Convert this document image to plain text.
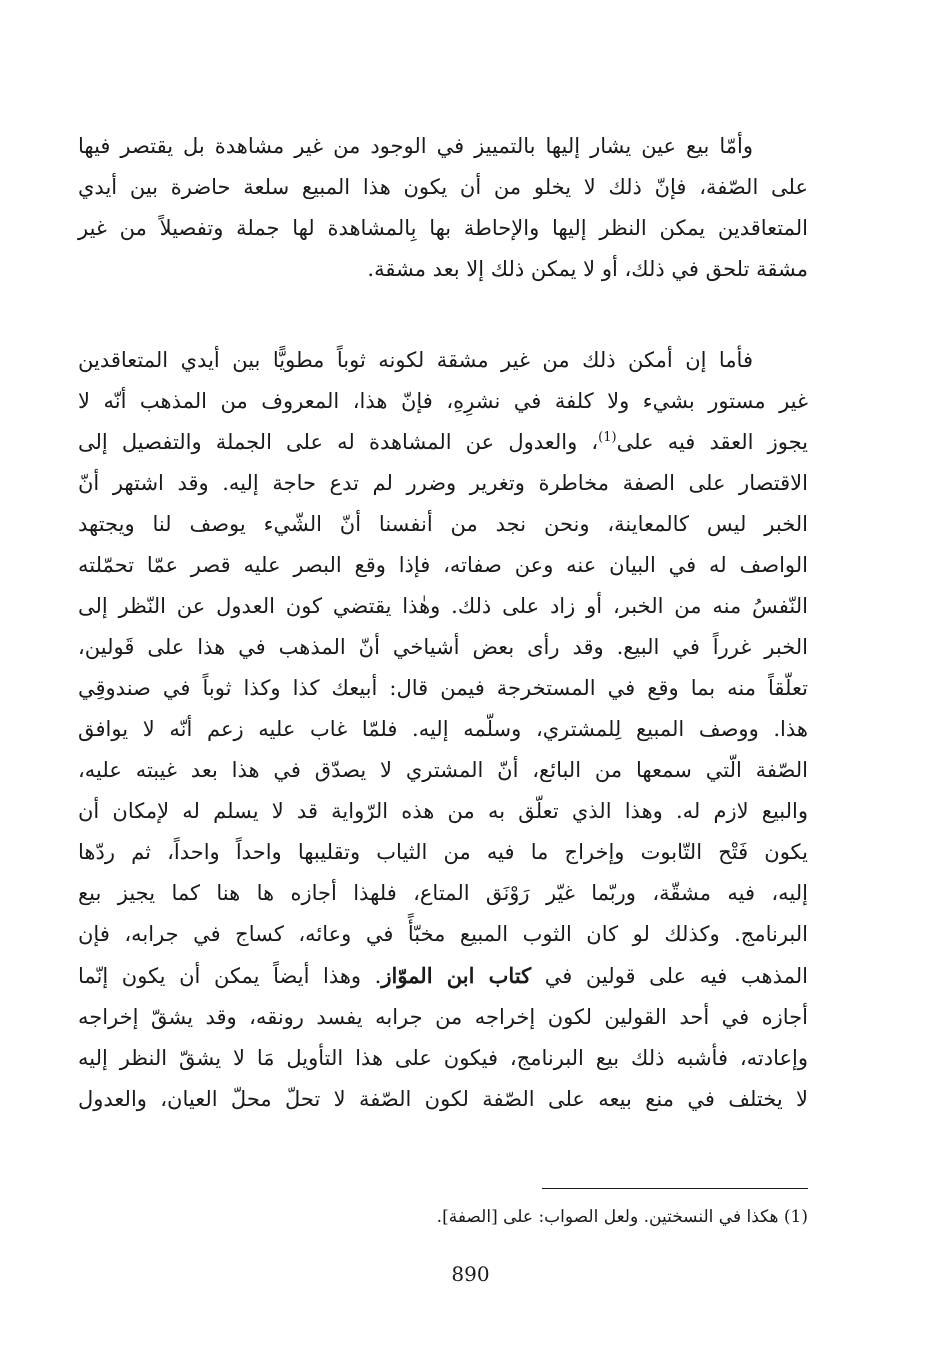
وأمّا بيع عين يشار إليها بالتمييز في الوجود من غير مشاهدة بل يقتصر فيها
على الصّفة، فإنّ ذلك لا يخلو من أن يكون هذا المبيع سلعة حاضرة بين أيدي
المتعاقدين يمكن النظر إليها والإحاطة بها بِالمشاهدة لها جملة وتفصيلاً من غير
مشقة تلحق في ذلك، أو لا يمكن ذلك إلا بعد مشقة.
فأما إن أمكن ذلك من غير مشقة لكونه ثوباً مطويًّا بين أيدي المتعاقدين
غير مستور بشيء ولا كلفة في نشرِهِ، فإنّ هذا، المعروف من المذهب أنّه لا
يجوز العقد فيه على$^{(1)}$، والعدول عن المشاهدة له على الجملة والتفصيل إلى
الاقتصار على الصفة مخاطرة وتغرير وضرر لم تدع حاجة إليه. وقد اشتهر أنّ
الخبر ليس كالمعاينة، ونحن نجد من أنفسنا أنّ الشّيء يوصف لنا ويجتهد
الواصف له في البيان عنه وعن صفاته، فإذا وقع البصر عليه قصر عمّا تحمّلته
النّفسُ منه من الخبر، أو زاد على ذلك. وهٰذا يقتضي كون العدول عن النّظر إلى
الخبر غرراً في البيع. وقد رأى بعض أشياخي أنّ المذهب في هذا على قَولين،
تعلّقاً منه بما وقع في المستخرجة فيمن قال: أبيعك كذا وكذا ثوباً في صندوقِي
هذا. ووصف المبيع لِلمشتري، وسلّمه إليه. فلمّا غاب عليه زعم أنّه لا يوافق
الصّفة الّتي سمعها من البائع، أنّ المشتري لا يصدّق في هذا بعد غيبته عليه،
والبيع لازم له. وهذا الذي تعلّق به من هذه الرّواية قد لا يسلم له لإمكان أن
يكون فَتْح التّابوت وإخراج ما فيه من الثياب وتقليبها واحداً واحداً، ثم ردّها
إليه، فيه مشقّة، وربّما غيّر رَوْنَق المتاع، فلهذا أجازه ها هنا كما يجيز بيع
البرنامج. وكذلك لو كان الثوب المبيع مخبّأً في وعائه، كساج في جرابه، فإن
المذهب فيه على قولين في كتاب ابن الموّاز. وهذا أيضاً يمكن أن يكون إنّما
أجازه في أحد القولين لكون إخراجه من جرابه يفسد رونقه، وقد يشقّ إخراجه
وإعادته، فأشبه ذلك بيع البرنامج، فيكون على هذا التأويل مَا لا يشقّ النظر إليه
لا يختلف في منع بيعه على الصّفة لكون الصّفة لا تحلّ محلّ العيان، والعدول
(1) هكذا في النسختين. ولعل الصواب: على [الصفة].
890
